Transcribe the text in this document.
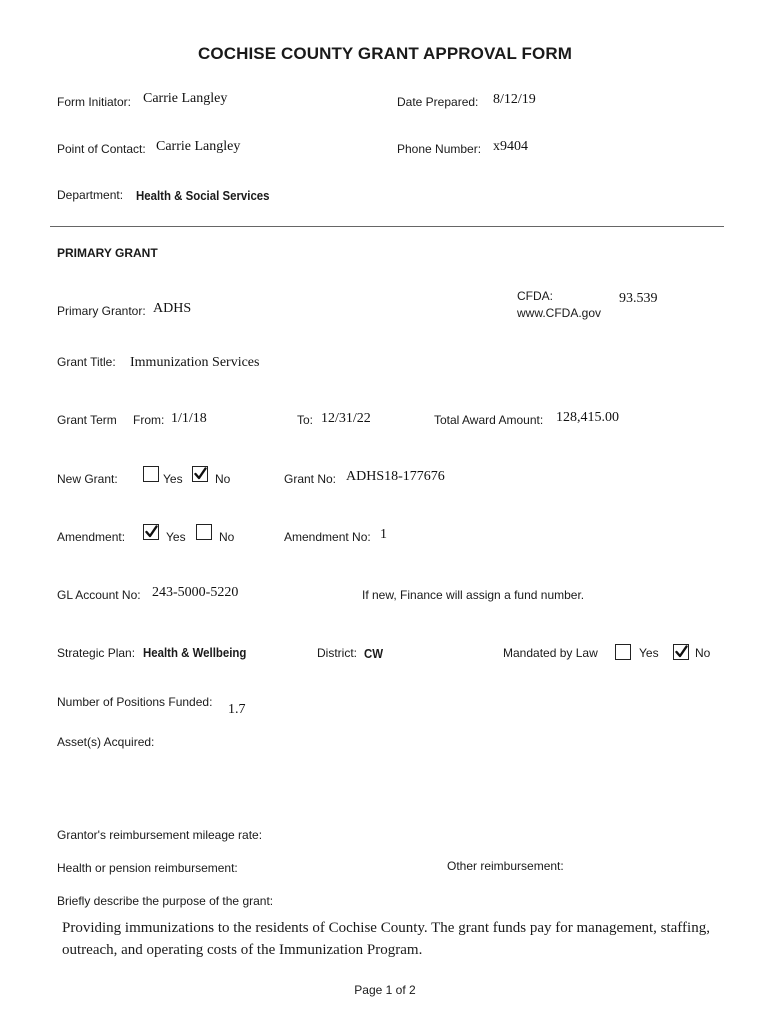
COCHISE COUNTY GRANT APPROVAL FORM
Form Initiator: Carrie Langley	Date Prepared: 8/12/19
Point of Contact: Carrie Langley	Phone Number: x9404
Department: Health & Social Services
PRIMARY GRANT
Primary Grantor: ADHS
CFDA:
www.CFDA.gov
93.539
Grant Title: Immunization Services
Grant Term From: 1/1/18	To: 12/31/22	Total Award Amount: 128,415.00
New Grant:	Yes	No	Grant No: ADHS18-177676
Amendment:	Yes	No	Amendment No: 1
GL Account No: 243-5000-5220	If new, Finance will assign a fund number.
Strategic Plan: Health & Wellbeing	District: CW	Mandated by Law	Yes	No
Number of Positions Funded: 1.7
Asset(s) Acquired:
Grantor's reimbursement mileage rate:
Health or pension reimbursement:	Other reimbursement:
Briefly describe the purpose of the grant:
Providing immunizations to the residents of Cochise County. The grant funds pay for management, staffing, outreach, and operating costs of the Immunization Program.
Page 1 of 2
